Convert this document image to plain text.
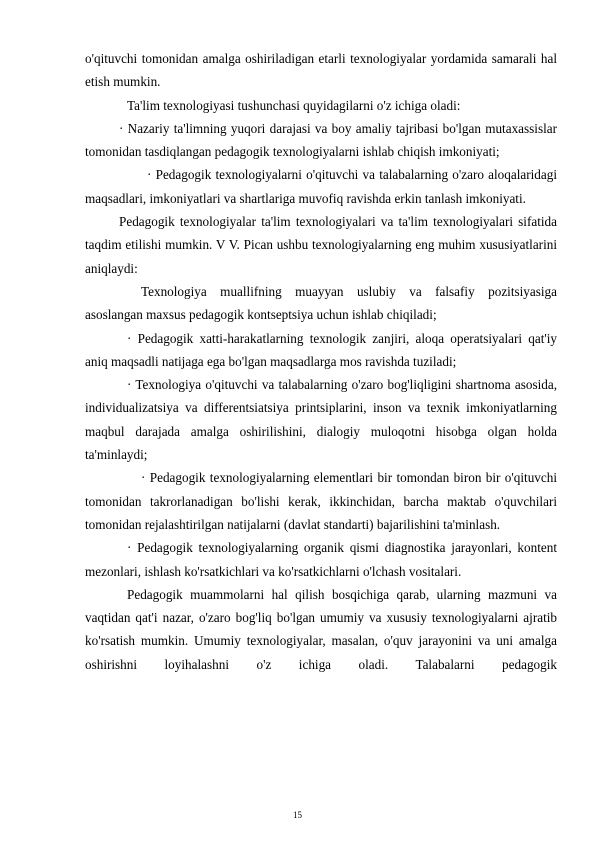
o'qituvchi tomonidan amalga oshiriladigan etarli texnologiyalar yordamida samarali hal etish mumkin.

Ta'lim texnologiyasi tushunchasi quyidagilarni o'z ichiga oladi:

· Nazariy ta'limning yuqori darajasi va boy amaliy tajribasi bo'lgan mutaxassislar tomonidan tasdiqlangan pedagogik texnologiyalarni ishlab chiqish imkoniyati;

· Pedagogik texnologiyalarni o'qituvchi va talabalarning o'zaro aloqalaridagi maqsadlari, imkoniyatlari va shartlariga muvofiq ravishda erkin tanlash imkoniyati.

Pedagogik texnologiyalar ta'lim texnologiyalari va ta'lim texnologiyalari sifatida taqdim etilishi mumkin. V V. Pican ushbu texnologiyalarning eng muhim xususiyatlarini aniqlaydi:

Texnologiya muallifning muayyan uslubiy va falsafiy pozitsiyasiga asoslangan maxsus pedagogik kontseptsiya uchun ishlab chiqiladi;

· Pedagogik xatti-harakatlarning texnologik zanjiri, aloqa operatsiyalari qat'iy aniq maqsadli natijaga ega bo'lgan maqsadlarga mos ravishda tuziladi;

· Texnologiya o'qituvchi va talabalarning o'zaro bog'liqligini shartnoma asosida, individualizatsiya va differentsiatsiya printsiplarini, inson va texnik imkoniyatlarning maqbul darajada amalga oshirilishini, dialogiy muloqotni hisobga olgan holda ta'minlaydi;

· Pedagogik texnologiyalarning elementlari bir tomondan biron bir o'qituvchi tomonidan takrorlanadigan bo'lishi kerak, ikkinchidan, barcha maktab o'quvchilari tomonidan rejalashtirilgan natijalarni (davlat standarti) bajarilishini ta'minlash.

· Pedagogik texnologiyalarning organik qismi diagnostika jarayonlari, kontent mezonlari, ishlash ko'rsatkichlari va ko'rsatkichlarni o'lchash vositalari.

Pedagogik muammolarni hal qilish bosqichiga qarab, ularning mazmuni va vaqtidan qat'i nazar, o'zaro bog'liq bo'lgan umumiy va xususiy texnologiyalarni ajratib ko'rsatish mumkin. Umumiy texnologiyalar, masalan, o'quv jarayonini va uni amalga oshirishni loyihalashni o'z ichiga oladi. Talabalarni pedagogik

15
